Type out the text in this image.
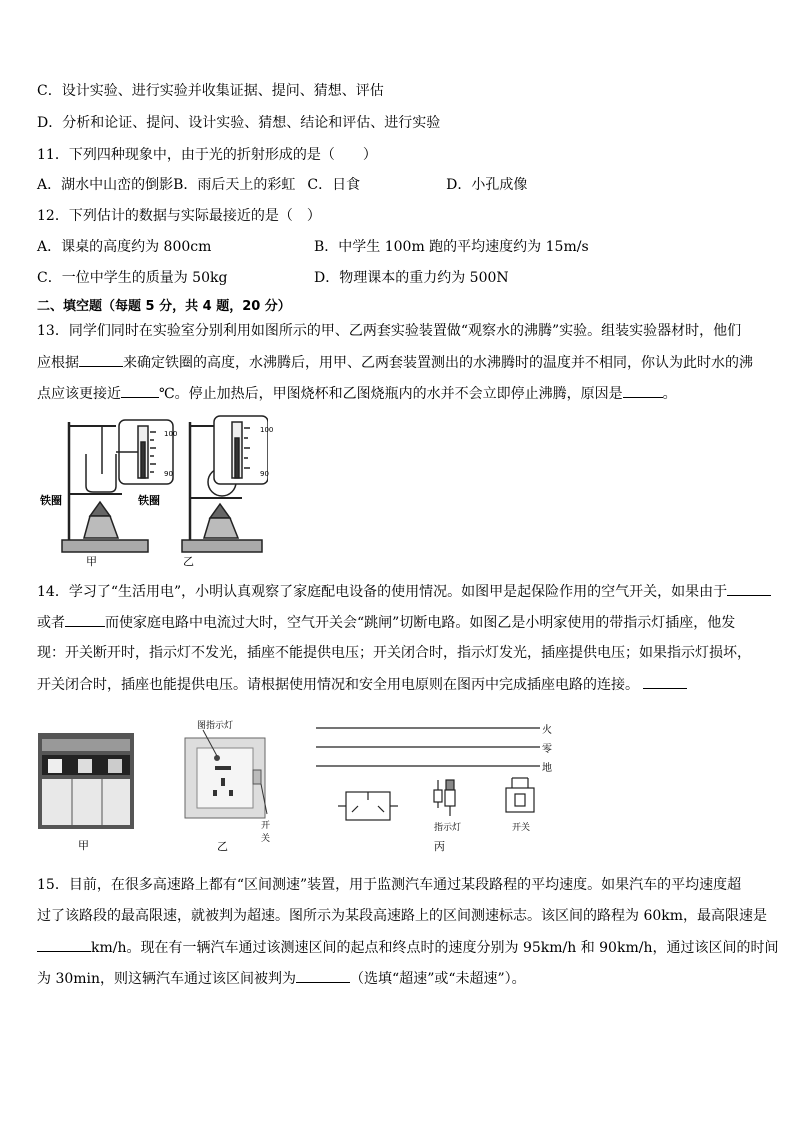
C．设计实验、进行实验并收集证据、提问、猜想、评估
D．分析和论证、提问、设计实验、猜想、结论和评估、进行实验
11．下列四种现象中，由于光的折射形成的是（　　）
A．湖水中山峦的倒影B．雨后天上的彩虹 C．日食	D．小孔成像
12．下列估计的数据与实际最接近的是（　）
A．课桌的高度约为 800cm	B．中学生 100m 跑的平均速度约为 15m/s
C．一位中学生的质量为 50kg	D．物理课本的重力约为 500N
二、填空题（每题 5 分，共 4 题，20 分）
13．同学们同时在实验室分别利用如图所示的甲、乙两套实验装置做“观察水的沸腾”实验。组装实验器材时，他们
应根据	来确定铁圈的高度，水沸腾后，用甲、乙两套装置测出的水沸腾时的温度并不相同，你认为此时水的沸
点应该更接近	℃。停止加热后，甲图烧杯和乙图烧瓶内的水并不会立即停止沸腾，原因是	。
100
90
100
90
铁圈	铁圈
甲	乙
14．学习了“生活用电”，小明认真观察了家庭配电设备的使用情况。如图甲是起保险作用的空气开关，如果由于
或者	而使家庭电路中电流过大时，空气开关会“跳闸”切断电路。如图乙是小明家使用的带指示灯插座，他发
现：开关断开时，指示灯不发光，插座不能提供电压；开关闭合时，指示灯发光，插座提供电压；如果指示灯损坏，
开关闭合时，插座也能提供电压。请根据使用情况和安全用电原则在图丙中完成插座电路的连接。
甲
图指示灯
开关
乙
火
零
地
指示灯	开关
丙
15．目前，在很多高速路上都有“区间测速”装置，用于监测汽车通过某段路程的平均速度。如果汽车的平均速度超
过了该路段的最高限速，就被判为超速。图所示为某段高速路上的区间测速标志。该区间的路程为 60km，最高限速是
km/h。现在有一辆汽车通过该测速区间的起点和终点时的速度分别为 95km/h 和 90km/h，通过该区间的时间
为 30min，则这辆汽车通过该区间被判为	（选填“超速”或“未超速”）。
